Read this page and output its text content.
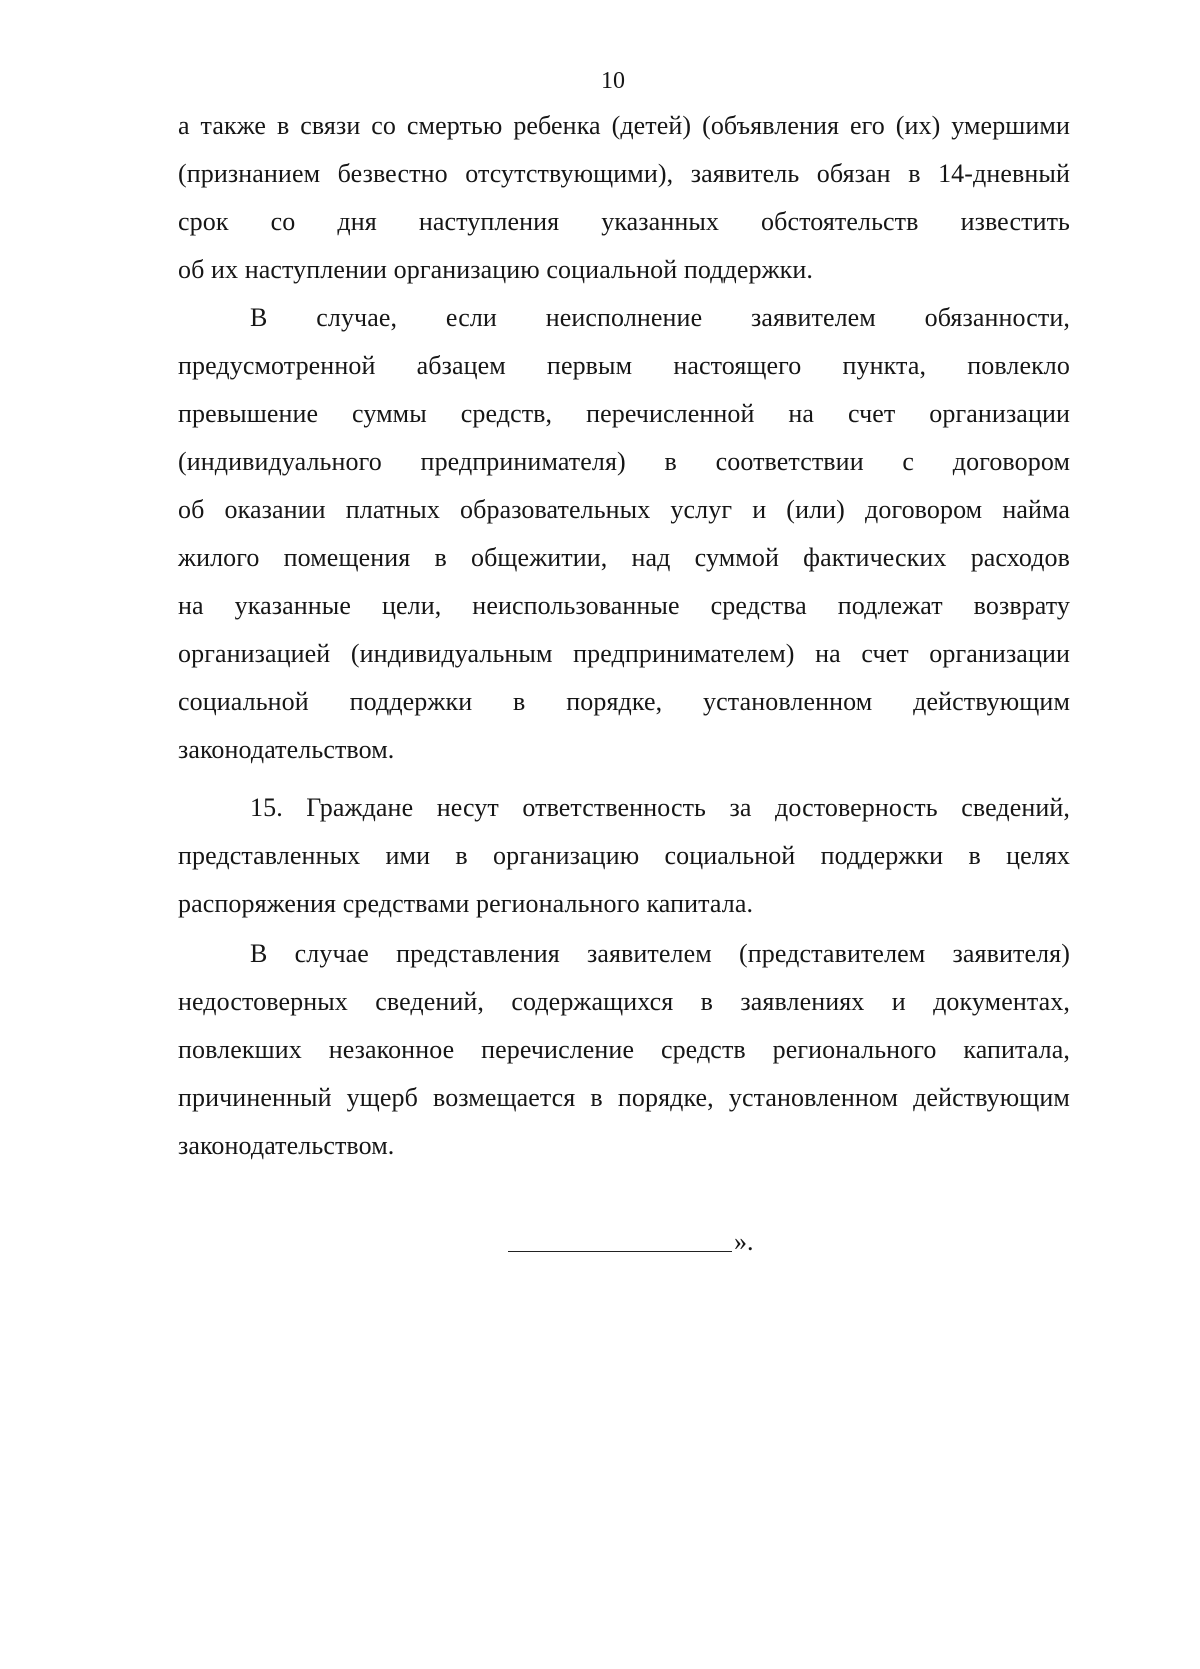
10

а также в связи со смертью ребенка (детей) (объявления его (их) умершими

(признанием безвестно отсутствующими), заявитель обязан в 14-дневный

срок со дня наступления указанных обстоятельств известить

об их наступлении организацию социальной поддержки.

В случае, если неисполнение заявителем обязанности,

предусмотренной абзацем первым настоящего пункта, повлекло

превышение суммы средств, перечисленной на счет организации

(индивидуального предпринимателя) в соответствии с договором

об оказании платных образовательных услуг и (или) договором найма

жилого помещения в общежитии, над суммой фактических расходов

на указанные цели, неиспользованные средства подлежат возврату

организацией (индивидуальным предпринимателем) на счет организации

социальной поддержки в порядке, установленном действующим

законодательством.

15. Граждане несут ответственность за достоверность сведений,

представленных ими в организацию социальной поддержки в целях

распоряжения средствами регионального капитала.

В случае представления заявителем (представителем заявителя)

недостоверных сведений, содержащихся в заявлениях и документах,

повлекших незаконное перечисление средств регионального капитала,

причиненный ущерб возмещается в порядке, установленном действующим

законодательством.

».
